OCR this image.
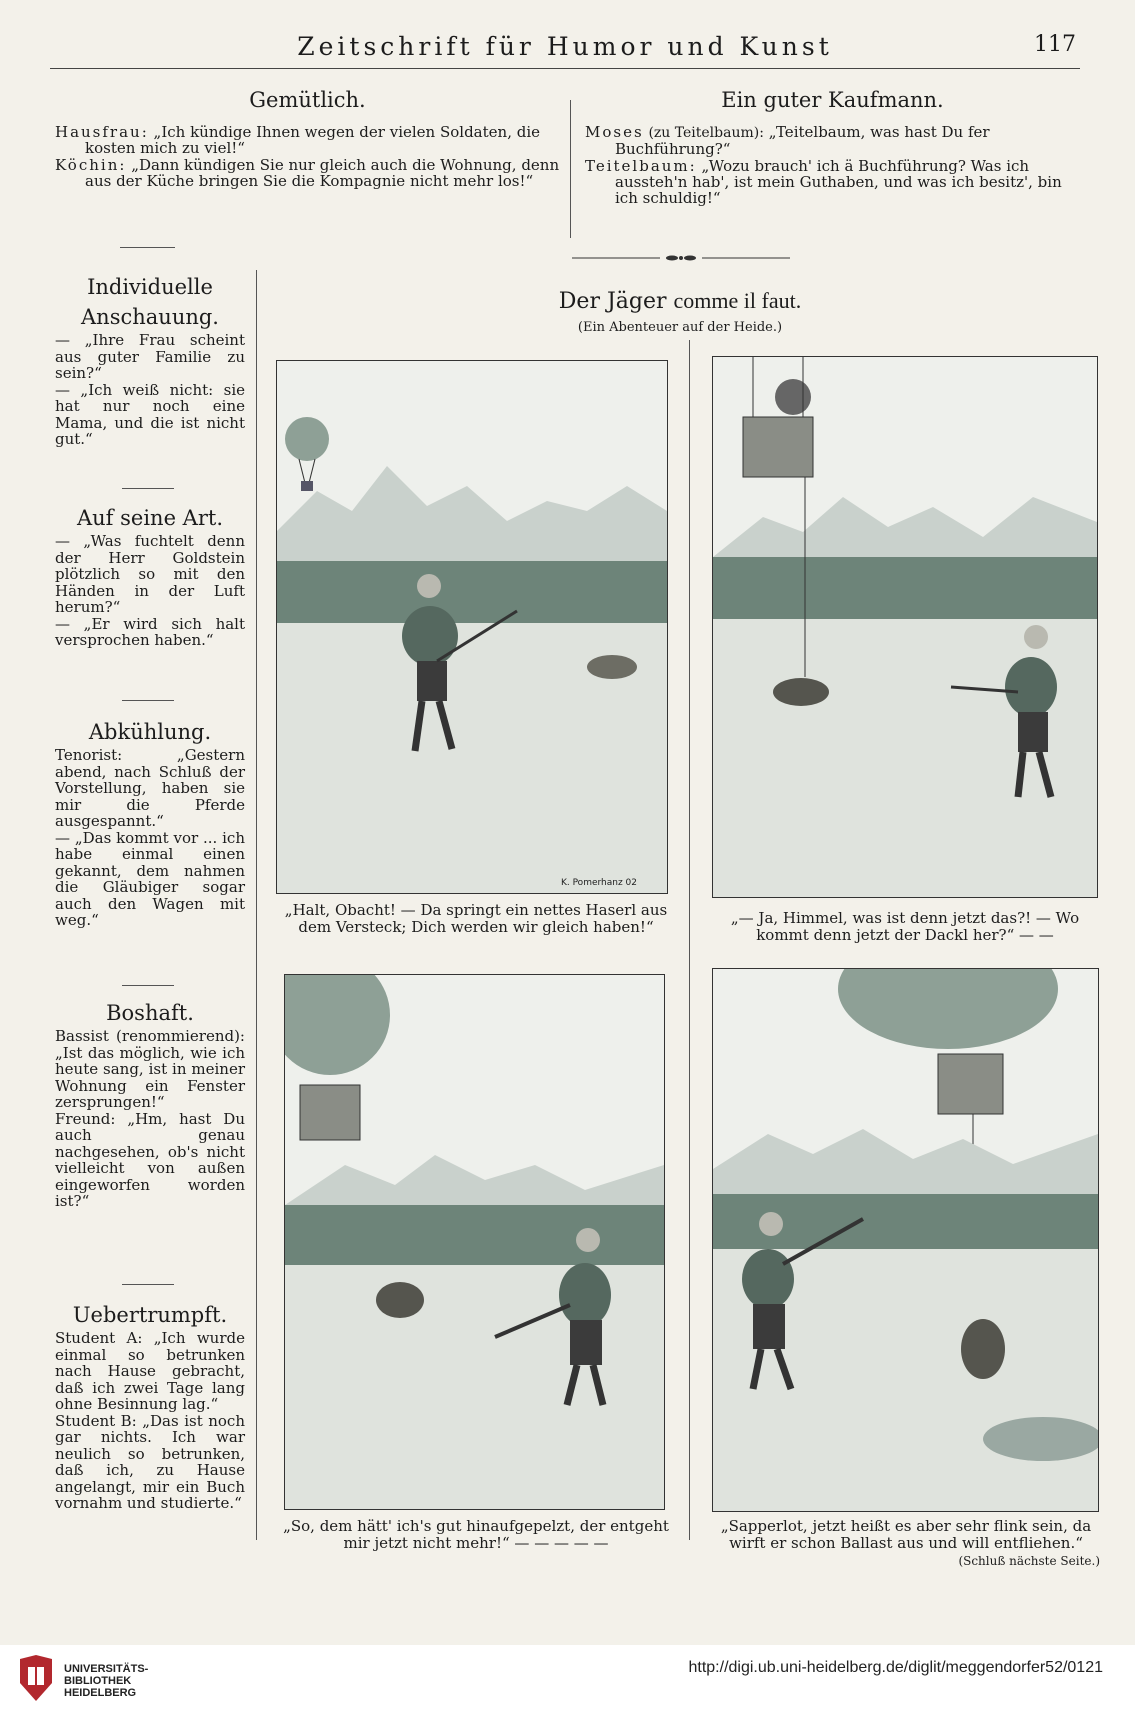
Zeitschrift für Humor und Kunst	117
Gemütlich.

Hausfrau: „Ich kündige Ihnen wegen der vielen Soldaten, die kosten mich zu viel!“

Köchin: „Dann kündigen Sie nur gleich auch die Wohnung, denn aus der Küche bringen Sie die Kompagnie nicht mehr los!“

Ein guter Kaufmann.

Moses (zu Teitelbaum): „Teitelbaum, was hast Du fer Buchführung?“

Teitelbaum: „Wozu brauch' ich ä Buchführung? Was ich aussteh'n hab', ist mein Guthaben, und was ich besitz', bin ich schuldig!“

Individuelle

Anschauung.

— „Ihre Frau scheint aus guter Familie zu sein?“

— „Ich weiß nicht: sie hat nur noch eine Mama, und die ist nicht gut.“

Auf seine Art.

— „Was fuchtelt denn der Herr Goldstein plötzlich so mit den Händen in der Luft herum?“

— „Er wird sich halt versprochen haben.“

Abkühlung.

Tenorist: „Gestern abend, nach Schluß der Vorstellung, haben sie mir die Pferde ausgespannt.“

— „Das kommt vor ... ich habe einmal einen gekannt, dem nahmen die Gläubiger sogar auch den Wagen mit weg.“

Boshaft.

Bassist (renommierend): „Ist das möglich, wie ich heute sang, ist in meiner Wohnung ein Fenster zersprungen!“

Freund: „Hm, hast Du auch genau nachgesehen, ob's nicht vielleicht von außen eingeworfen worden ist?“

Uebertrumpft.

Student A: „Ich wurde einmal so betrunken nach Hause gebracht, daß ich zwei Tage lang ohne Besinnung lag.“

Student B: „Das ist noch gar nichts. Ich war neulich so betrunken, daß ich, zu Hause angelangt, mir ein Buch vornahm und studierte.“

Der Jäger comme il faut.
(Ein Abenteuer auf der Heide.)
K. Pomerhanz 02
„Halt, Obacht! — Da springt ein nettes Haserl aus dem Versteck; Dich werden wir gleich haben!“	„— Ja, Himmel, was ist denn jetzt das?! — Wo kommt denn jetzt der Dackl her?“ — —
„So, dem hätt' ich's gut hinaufgepelzt, der entgeht mir jetzt nicht mehr!“ — — — — —
„Sapperlot, jetzt heißt es aber sehr flink sein, da wirft er schon Ballast aus und will entfliehen.“
(Schluß nächste Seite.)
UNIVERSITÄTS-
BIBLIOTHEK
HEIDELBERG
http://digi.ub.uni-heidelberg.de/diglit/meggendorfer52/0121
